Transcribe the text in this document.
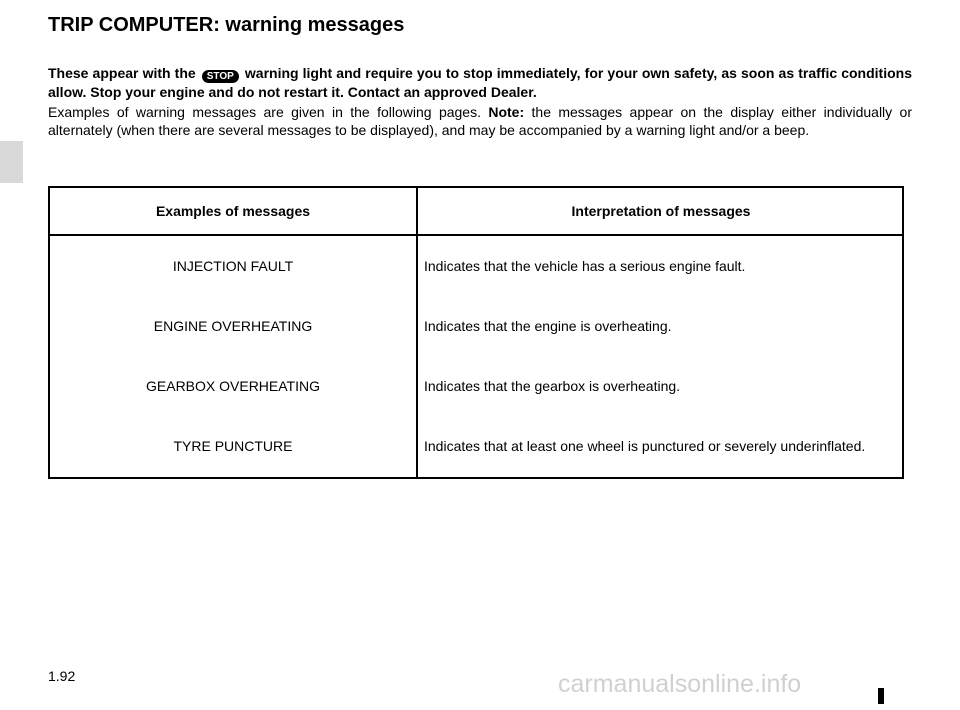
TRIP COMPUTER: warning messages

These appear with the STOP warning light and require you to stop immediately, for your own safety, as soon as traffic conditions allow. Stop your engine and do not restart it. Contact an approved Dealer.

Examples of warning messages are given in the following pages. Note: the messages appear on the display either individually or alternately (when there are several messages to be displayed), and may be accompanied by a warning light and/or a beep.

Examples of messages	Interpretation of messages
INJECTION FAULT	Indicates that the vehicle has a serious engine fault.
ENGINE OVERHEATING	Indicates that the engine is overheating.
GEARBOX OVERHEATING	Indicates that the gearbox is overheating.
TYRE PUNCTURE	Indicates that at least one wheel is punctured or severely underinflated.
1.92	carmanualsonline.info
